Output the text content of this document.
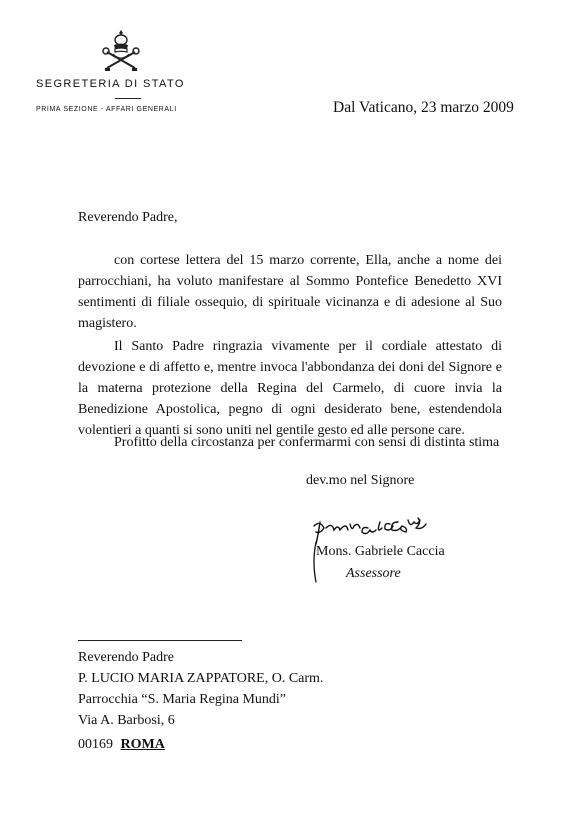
SEGRETERIA DI STATO
PRIMA SEZIONE - AFFARI GENERALI	Dal Vaticano, 23 marzo 2009
Reverendo Padre,
con cortese lettera del 15 marzo corrente, Ella, anche a nome dei parrocchiani, ha voluto manifestare al Sommo Pontefice Benedetto XVI sentimenti di filiale ossequio, di spirituale vicinanza e di adesione al Suo magistero.
Il Santo Padre ringrazia vivamente per il cordiale attestato di devozione e di affetto e, mentre invoca l'abbondanza dei doni del Signore e la materna protezione della Regina del Carmelo, di cuore invia la Benedizione Apostolica, pegno di ogni desiderato bene, estendendola volentieri a quanti si sono uniti nel gentile gesto ed alle persone care.
Profitto della circostanza per confermarmi con sensi di distinta stima
dev.mo nel Signore
Mons. Gabriele Caccia
Assessore
Reverendo Padre
P. LUCIO MARIA ZAPPATORE, O. Carm.
Parrocchia “S. Maria Regina Mundi”
Via A. Barbosi, 6
00169 ROMA
